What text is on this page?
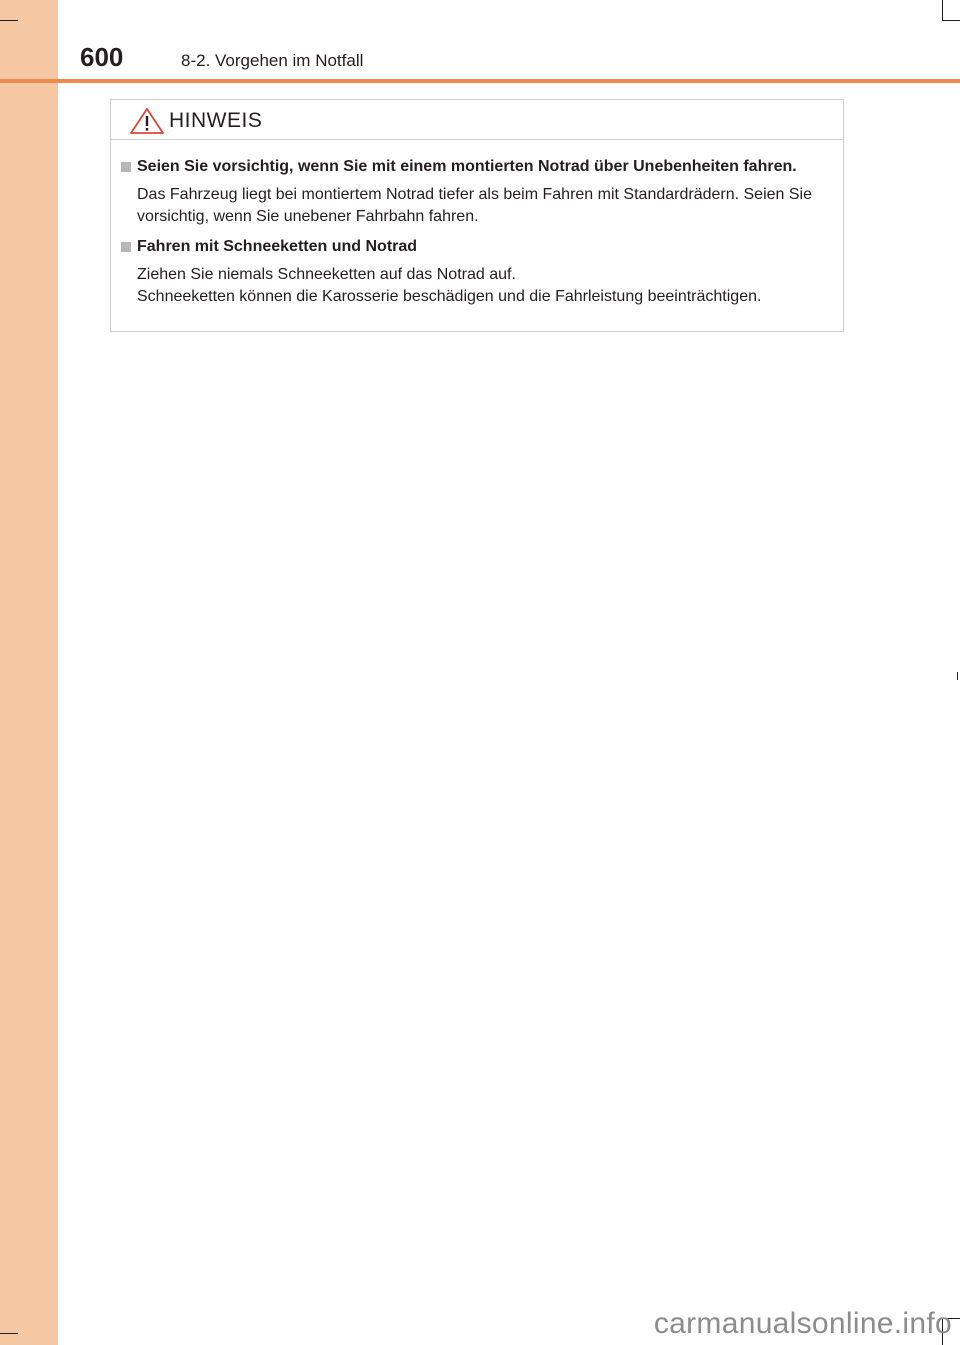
600	8-2. Vorgehen im Notfall
HINWEIS
Seien Sie vorsichtig, wenn Sie mit einem montierten Notrad über Unebenheiten fahren.

Das Fahrzeug liegt bei montiertem Notrad tiefer als beim Fahren mit Standardrädern. Seien Sie vorsichtig, wenn Sie unebener Fahrbahn fahren.

Fahren mit Schneeketten und Notrad

Ziehen Sie niemals Schneeketten auf das Notrad auf.

Schneeketten können die Karosserie beschädigen und die Fahrleistung beeinträchtigen.

carmanualsonline.info
